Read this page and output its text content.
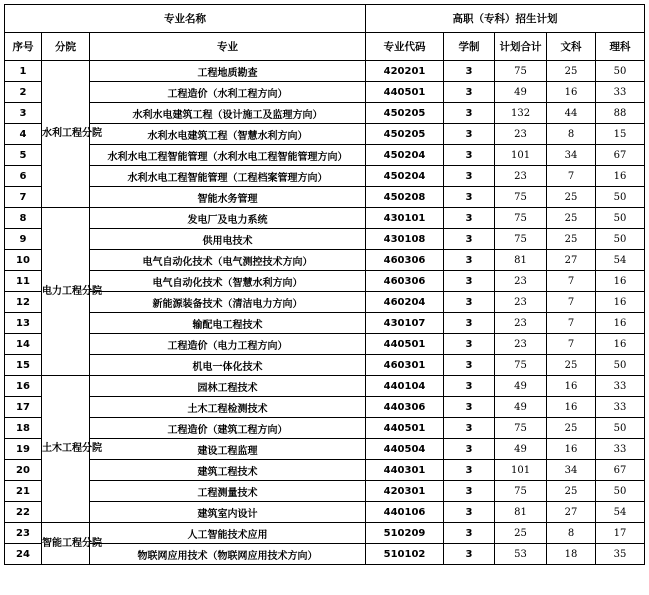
专业名称			高职（专科）招生计划				
序号	分院	专业	专业代码	学制	计划合计	文科	理科
1	水利工程分院	工程地质勘查	420201	3	75	25	50
2		工程造价（水利工程方向）	440501	3	49	16	33
3		水利水电建筑工程（设计施工及监理方向）	450205	3	132	44	88
4		水利水电建筑工程（智慧水利方向）	450205	3	23	8	15
5		水利水电工程智能管理（水利水电工程智能管理方向）	450204	3	101	34	67
6		水利水电工程智能管理（工程档案管理方向）	450204	3	23	7	16
7		智能水务管理	450208	3	75	25	50
8	电力工程分院	发电厂及电力系统	430101	3	75	25	50
9		供用电技术	430108	3	75	25	50
10		电气自动化技术（电气测控技术方向）	460306	3	81	27	54
11		电气自动化技术（智慧水利方向）	460306	3	23	7	16
12		新能源装备技术（清洁电力方向）	460204	3	23	7	16
13		输配电工程技术	430107	3	23	7	16
14		工程造价（电力工程方向）	440501	3	23	7	16
15		机电一体化技术	460301	3	75	25	50
16	土木工程分院	园林工程技术	440104	3	49	16	33
17		土木工程检测技术	440306	3	49	16	33
18		工程造价（建筑工程方向）	440501	3	75	25	50
19		建设工程监理	440504	3	49	16	33
20		建筑工程技术	440301	3	101	34	67
21		工程测量技术	420301	3	75	25	50
22		建筑室内设计	440106	3	81	27	54
23	智能工程分院	人工智能技术应用	510209	3	25	8	17
24		物联网应用技术（物联网应用技术方向）	510102	3	53	18	35
